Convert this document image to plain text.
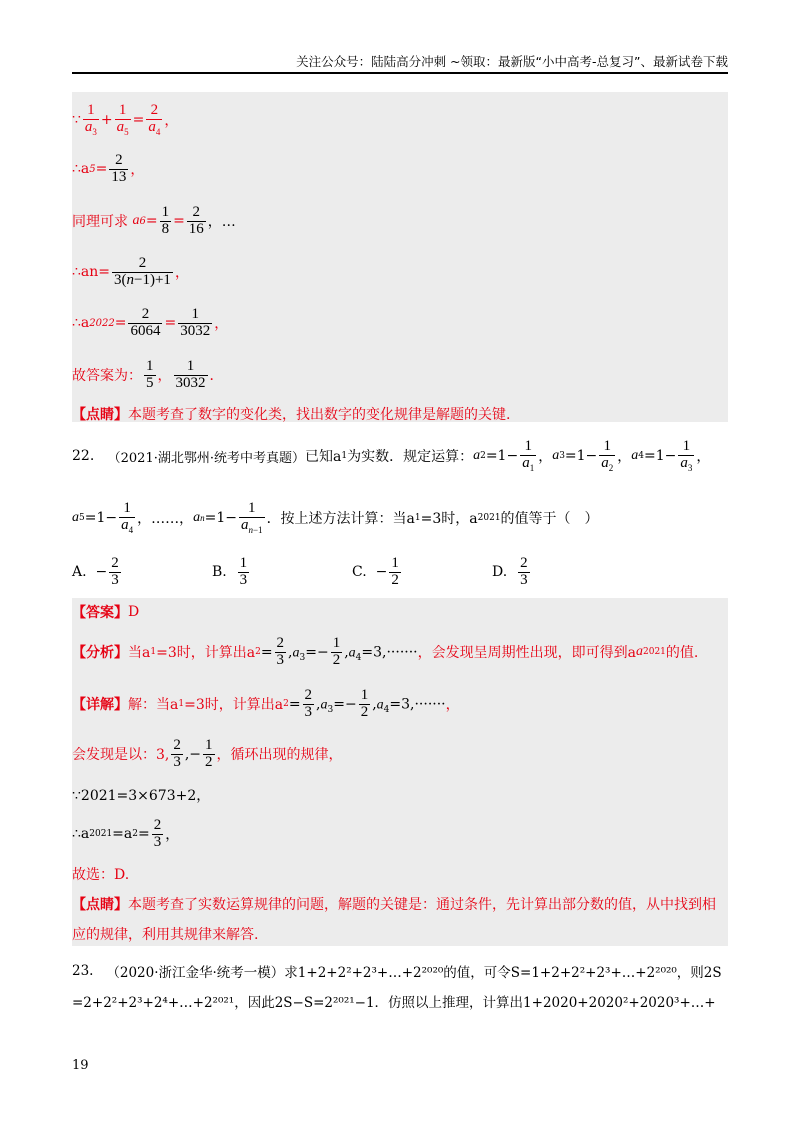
关注公众号：陆陆高分冲刺 ~领取：最新版“小中高考-总复习”、最新试卷下载
∵ $\frac{1}{a_3} + \frac{1}{a_5} = \frac{2}{a_4}$ ，
∴a $5 = \frac{2}{13}$ ，
同理可求
a $6 = \frac{1}{8} = \frac{2}{16}$ ，…
∴an= $\frac{2}{3(n-1)+1}$ ，
∴a $2022 = \frac{2}{6064} = \frac{1}{3032}$ ，
故答案为： $\frac{1}{5}$ ， $\frac{1}{3032}$ ．
【点睛】 本题考查了数字的变化类，找出数字的变化规律是解题的关键.
22.
（2021·湖北鄂州·统考中考真题） 已知a 1 为实数．规定运算： a $2 =1- \frac{1}{a_1}$ ， a $3 =1- \frac{1}{a_2}$ ， a $4 =1- \frac{1}{a_3}$ ，
a $5 =1- \frac{1}{a_4}$ ，……， a $n =1- \frac{1}{a_{n-1}}$ ．按上述方法计算：当a 1 =3时，a 2021 的值等于（　）
A. − $\frac{2}{3}$	B.
$\frac{1}{3}$	C. − $\frac{1}{2}$	D.
$\frac{2}{3}$
【答案】 D
【分析】 当a 1 =3时，计算出a $2 = \frac{2}{3} ,a_3=- \frac{1}{2} ,a_4=3,\cdot\cdot\cdot\cdot\cdot\cdot\cdot$ ，会发现呈周期性出现，即可得到a a 2021 的值.
【详解】 解：当a 1 =3时，计算出a $2 = \frac{2}{3} ,a_3=- \frac{1}{2} ,a_4=3,\cdot\cdot\cdot\cdot\cdot\cdot\cdot$ ，
会发现是以：3, $\frac{2}{3}$ ,− $\frac{1}{2}$ ，循环出现的规律，
∵2021=3×673+2，
∴a 2021 =a $2 = \frac{2}{3}$ ，
故选：D.
【点睛】 本题考查了实数运算规律的问题，解题的关键是：通过条件，先计算出部分数的值，从中找到相
应的规律，利用其规律来解答.
23.
（2020·浙江金华·统考一模）求1+2+2²+2³+…+2²⁰²⁰的值，可令S=1+2+2²+2³+…+2²⁰²⁰，则2S
=2+2²+2³+2⁴+…+2²⁰²¹，因此2S−S=2²⁰²¹−1．仿照以上推理，计算出1+2020+2020²+2020³+…+
19
